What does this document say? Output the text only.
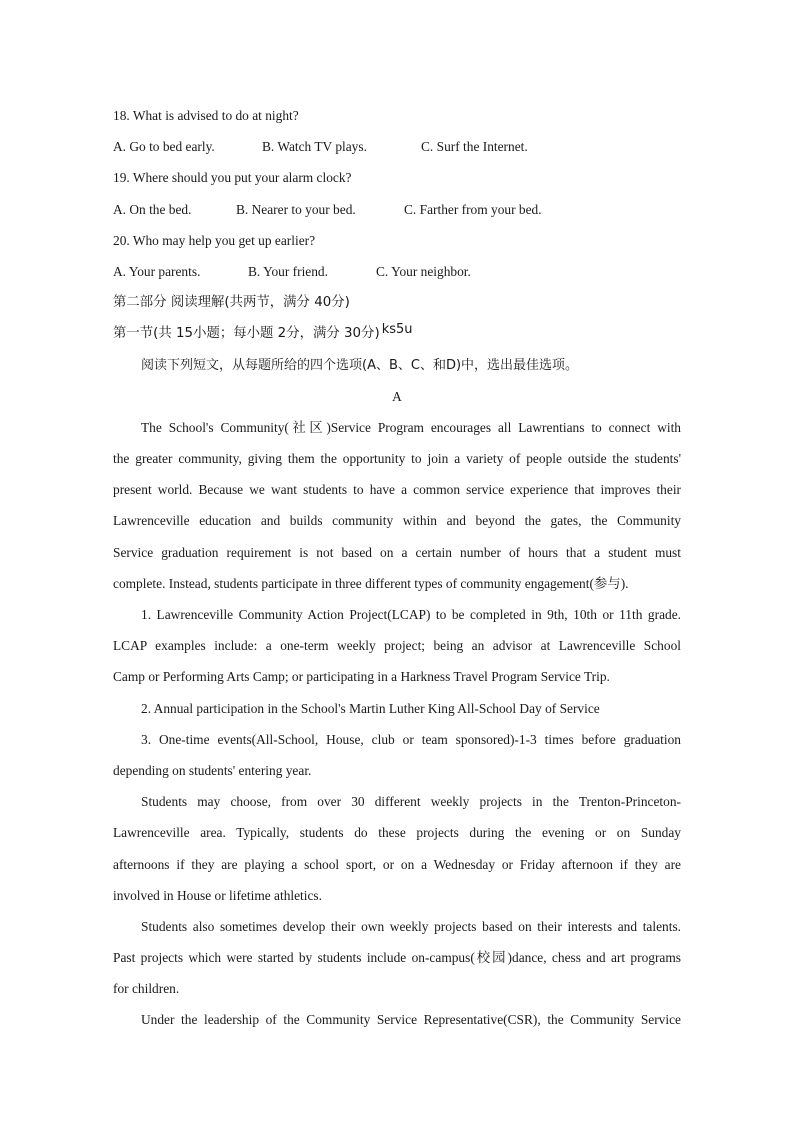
18. What is advised to do at night?
A. Go to bed early.	B. Watch TV plays.	C. Surf the Internet.
19. Where should you put your alarm clock?
A. On the bed.	B. Nearer to your bed.	C. Farther from your bed.
20. Who may help you get up earlier?
A. Your parents.	B. Your friend.	C. Your neighbor.
第二部分 阅读理解(共两节，满分 40分)
第一节(共 15小题；每小题 2分，满分 30分) ks5u
阅读下列短文，从每题所给的四个选项(A、B、C、和D)中，选出最佳选项。
A
The School's Community(社区)Service Program encourages all Lawrentians to connect with
the greater community, giving them the opportunity to join a variety of people outside the students'
present world. Because we want students to have a common service experience that improves their
Lawrenceville education and builds community within and beyond the gates, the Community
Service graduation requirement is not based on a certain number of hours that a student must
complete. Instead, students participate in three different types of community engagement(参与).
1. Lawrenceville Community Action Project(LCAP) to be completed in 9th, 10th or 11th grade.
LCAP examples include: a one-term weekly project; being an advisor at Lawrenceville School
Camp or Performing Arts Camp; or participating in a Harkness Travel Program Service Trip.
2. Annual participation in the School's Martin Luther King All-School Day of Service
3. One-time events(All-School, House, club or team sponsored)-1-3 times before graduation
depending on students' entering year.
Students may choose, from over 30 different weekly projects in the Trenton-Princeton-
Lawrenceville area. Typically, students do these projects during the evening or on Sunday
afternoons if they are playing a school sport, or on a Wednesday or Friday afternoon if they are
involved in House or lifetime athletics.
Students also sometimes develop their own weekly projects based on their interests and talents.
Past projects which were started by students include on-campus(校园)dance, chess and art programs
for children.
Under the leadership of the Community Service Representative(CSR), the Community Service
